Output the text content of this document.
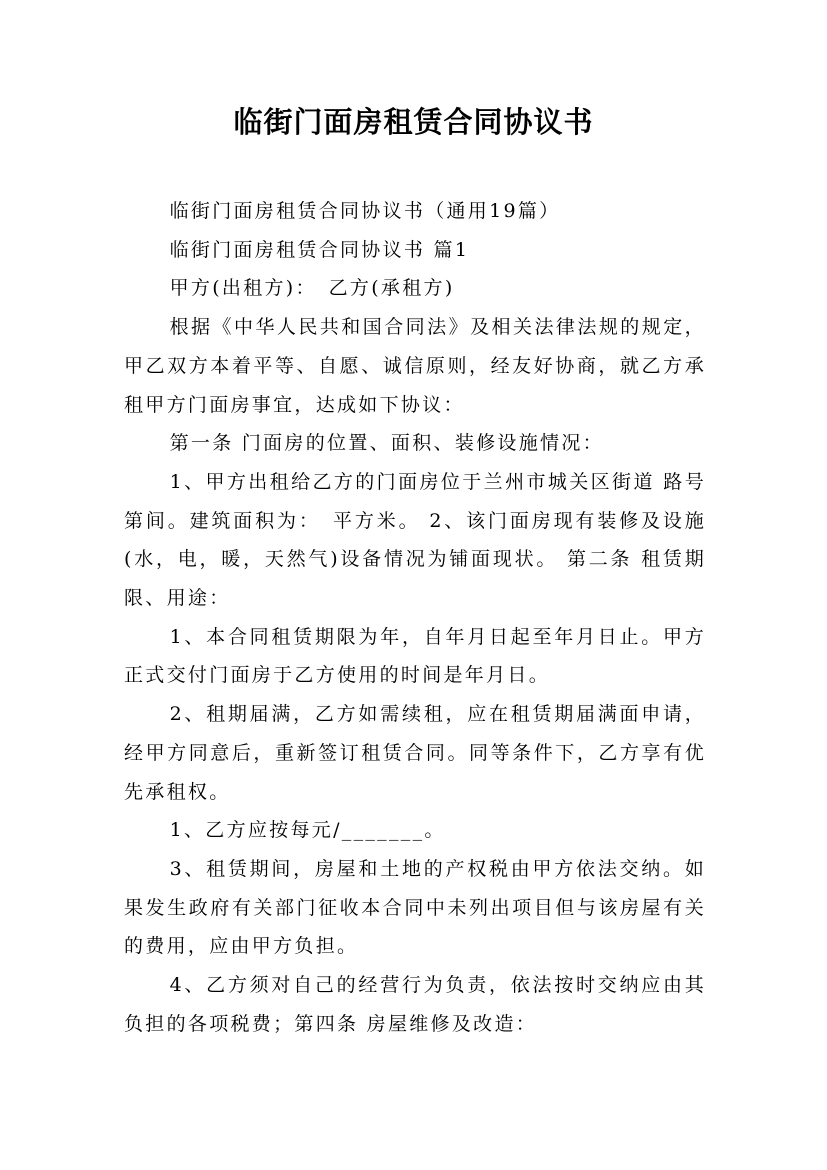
临街门面房租赁合同协议书

临街门面房租赁合同协议书（通用19篇）

临街门面房租赁合同协议书 篇1

甲方(出租方)：　乙方(承租方)

根据《中华人民共和国合同法》及相关法律法规的规定，甲乙双方本着平等、自愿、诚信原则，经友好协商，就乙方承租甲方门面房事宜，达成如下协议：

第一条 门面房的位置、面积、装修设施情况：

1、甲方出租给乙方的门面房位于兰州市城关区街道 路号第间。建筑面积为：　平方米。 2、该门面房现有装修及设施(水，电，暖，天然气)设备情况为铺面现状。 第二条 租赁期限、用途：

1、本合同租赁期限为年，自年月日起至年月日止。甲方正式交付门面房于乙方使用的时间是年月日。

2、租期届满，乙方如需续租，应在租赁期届满面申请，经甲方同意后，重新签订租赁合同。同等条件下，乙方享有优先承租权。

1、乙方应按每元/_______。

3、租赁期间，房屋和土地的产权税由甲方依法交纳。如果发生政府有关部门征收本合同中未列出项目但与该房屋有关的费用，应由甲方负担。

4、乙方须对自己的经营行为负责，依法按时交纳应由其负担的各项税费；第四条 房屋维修及改造：
